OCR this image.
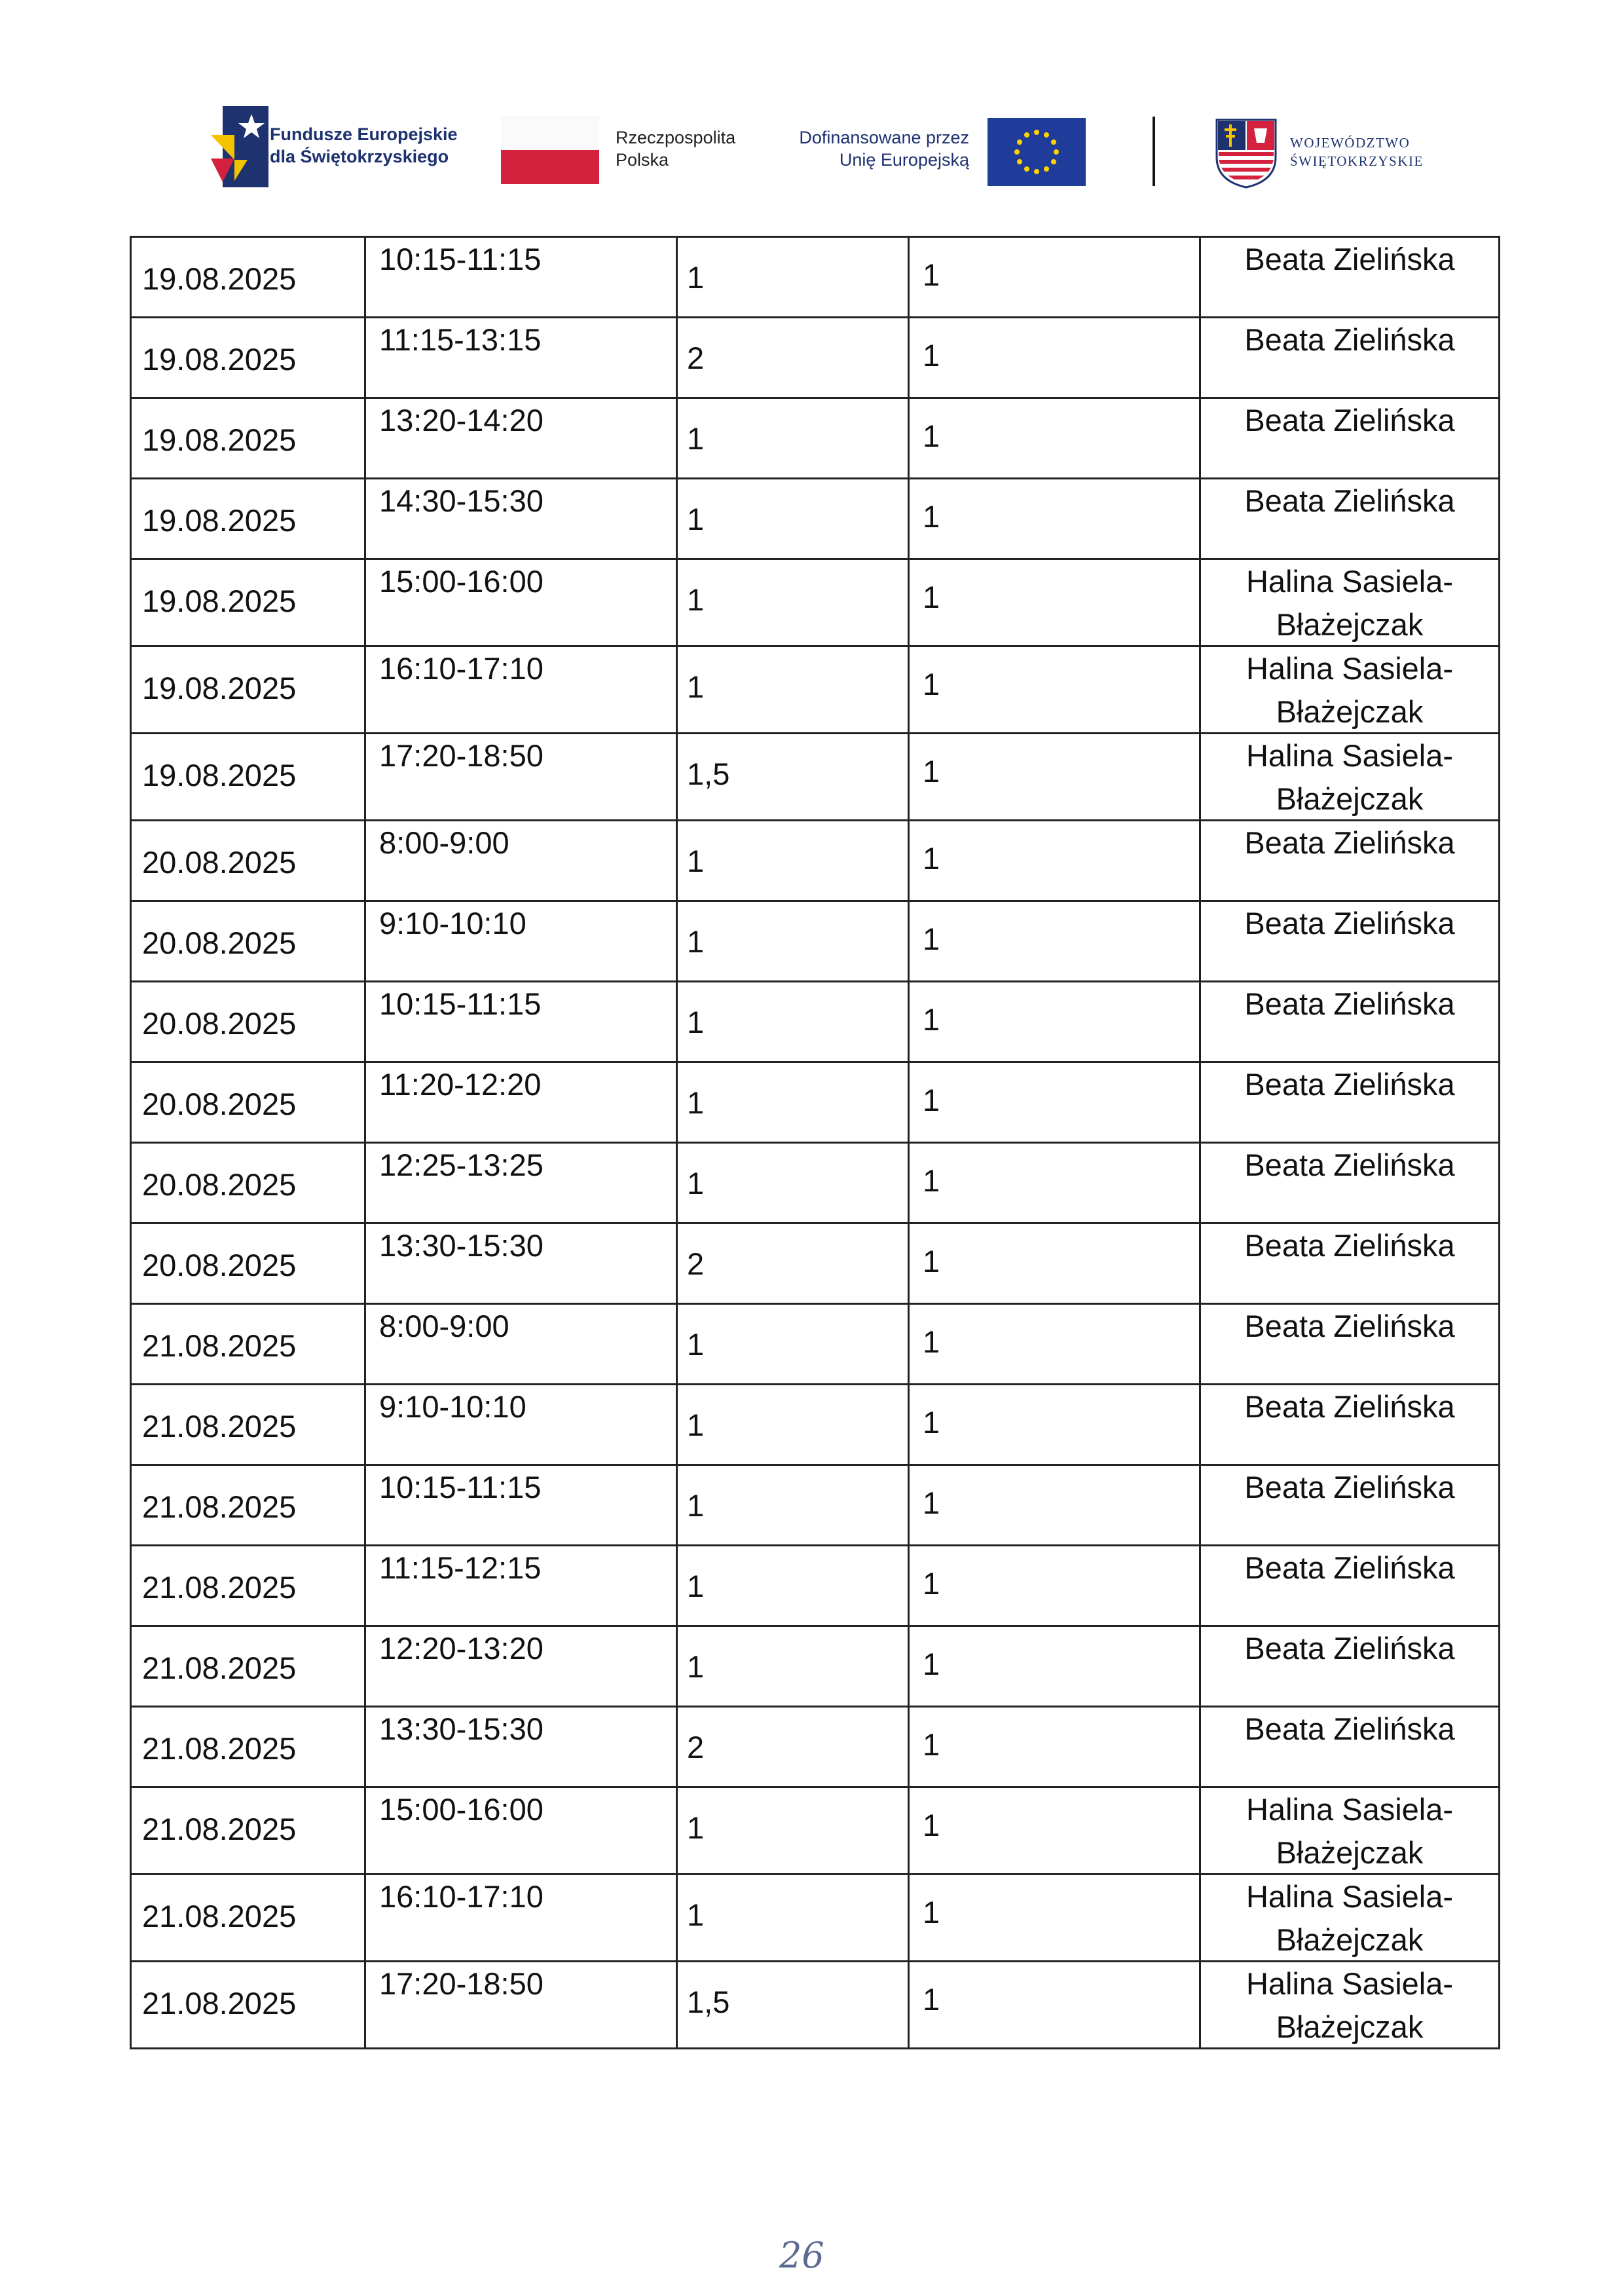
Fundusze Europejskie
dla Świętokrzyskiego
Rzeczpospolita
Polska
Dofinansowane przez
Unię Europejską
WOJEWÓDZTWO
ŚWIĘTOKRZYSKIE
19.08.2025	10:15-11:15	1	1	Beata Zielińska

19.08.2025	11:15-13:15	2	1	Beata Zielińska

19.08.2025	13:20-14:20	1	1	Beata Zielińska

19.08.2025	14:30-15:30	1	1	Beata Zielińska

19.08.2025	15:00-16:00	1	1	Halina Sasiela-
Błażejczak

19.08.2025	16:10-17:10	1	1	Halina Sasiela-
Błażejczak

19.08.2025	17:20-18:50	1,5	1	Halina Sasiela-
Błażejczak

20.08.2025	8:00-9:00	1	1	Beata Zielińska

20.08.2025	9:10-10:10	1	1	Beata Zielińska

20.08.2025	10:15-11:15	1	1	Beata Zielińska

20.08.2025	11:20-12:20	1	1	Beata Zielińska

20.08.2025	12:25-13:25	1	1	Beata Zielińska

20.08.2025	13:30-15:30	2	1	Beata Zielińska

21.08.2025	8:00-9:00	1	1	Beata Zielińska

21.08.2025	9:10-10:10	1	1	Beata Zielińska

21.08.2025	10:15-11:15	1	1	Beata Zielińska

21.08.2025	11:15-12:15	1	1	Beata Zielińska

21.08.2025	12:20-13:20	1	1	Beata Zielińska

21.08.2025	13:30-15:30	2	1	Beata Zielińska

21.08.2025	15:00-16:00	1	1	Halina Sasiela-
Błażejczak

21.08.2025	16:10-17:10	1	1	Halina Sasiela-
Błażejczak

21.08.2025	17:20-18:50	1,5	1	Halina Sasiela-
Błażejczak
26
